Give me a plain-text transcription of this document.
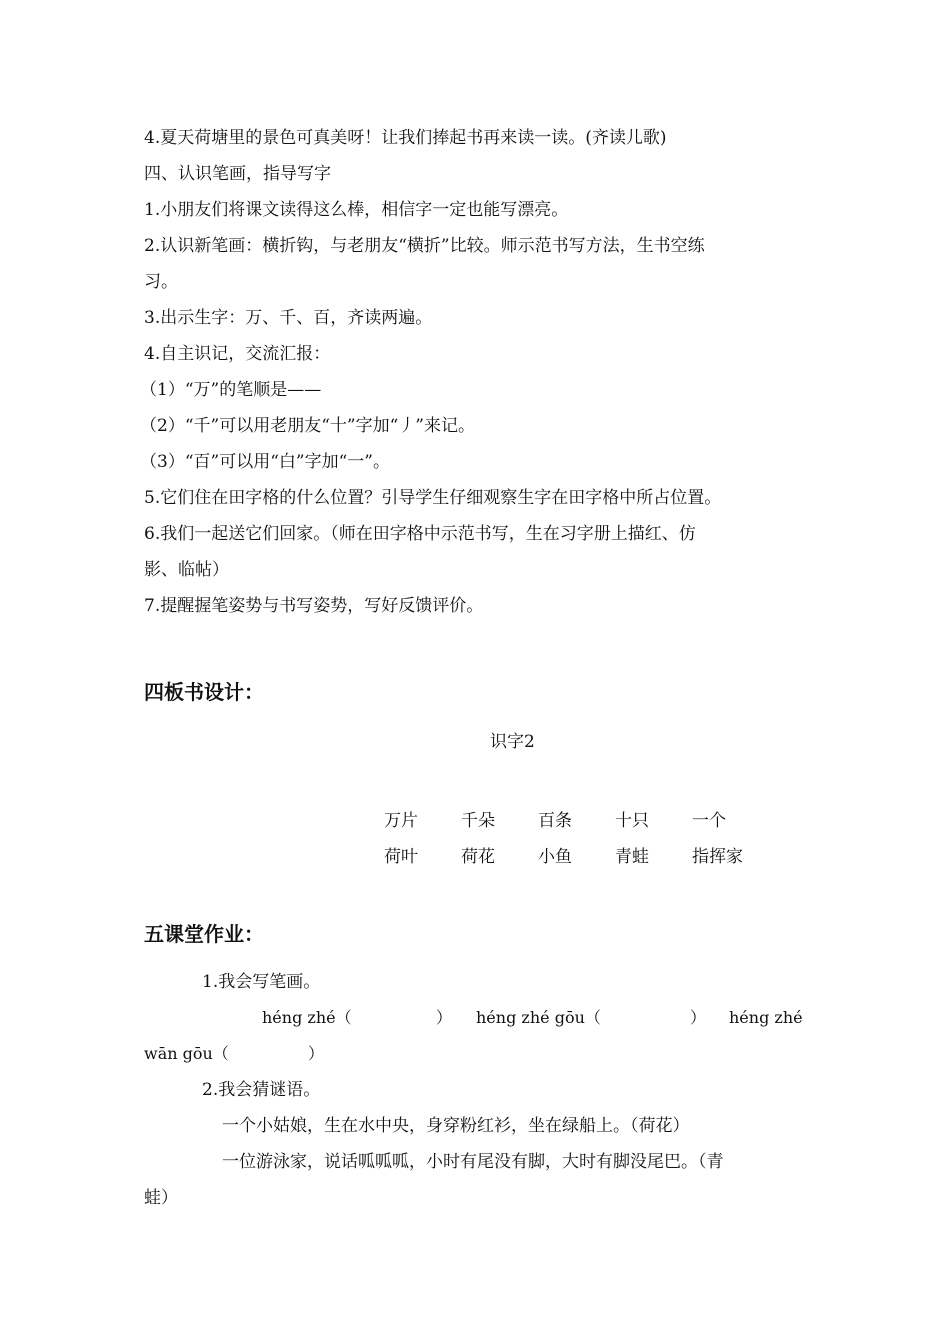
4.夏天荷塘里的景色可真美呀！让我们捧起书再来读一读。(齐读儿歌)
四、认识笔画，指导写字
1.小朋友们将课文读得这么棒，相信字一定也能写漂亮。
2.认识新笔画：横折钩，与老朋友“横折”比较。师示范书写方法，生书空练
习。
3.出示生字：万、千、百，齐读两遍。
4.自主识记，交流汇报：
（1）“万”的笔顺是——
（2）“千”可以用老朋友“十”字加“丿”来记。
（3）“百”可以用“白”字加“一”。
5.它们住在田字格的什么位置？引导学生仔细观察生字在田字格中所占位置。
6.我们一起送它们回家。（师在田字格中示范书写，生在习字册上描红、仿
影、临帖）
7.提醒握笔姿势与书写姿势，写好反馈评价。
四板书设计：
识字2
万片	千朵	百条	十只	一个
荷叶	荷花	小鱼	青蛙	指挥家
五课堂作业：
1.我会写笔画。
héng zhé（	） héng zhé gōu（	） héng zhé
wān gōu（	）
2.我会猜谜语。
一个小姑娘，生在水中央，身穿粉红衫，坐在绿船上。（荷花）
一位游泳家，说话呱呱呱，小时有尾没有脚，大时有脚没尾巴。（青
蛙）
